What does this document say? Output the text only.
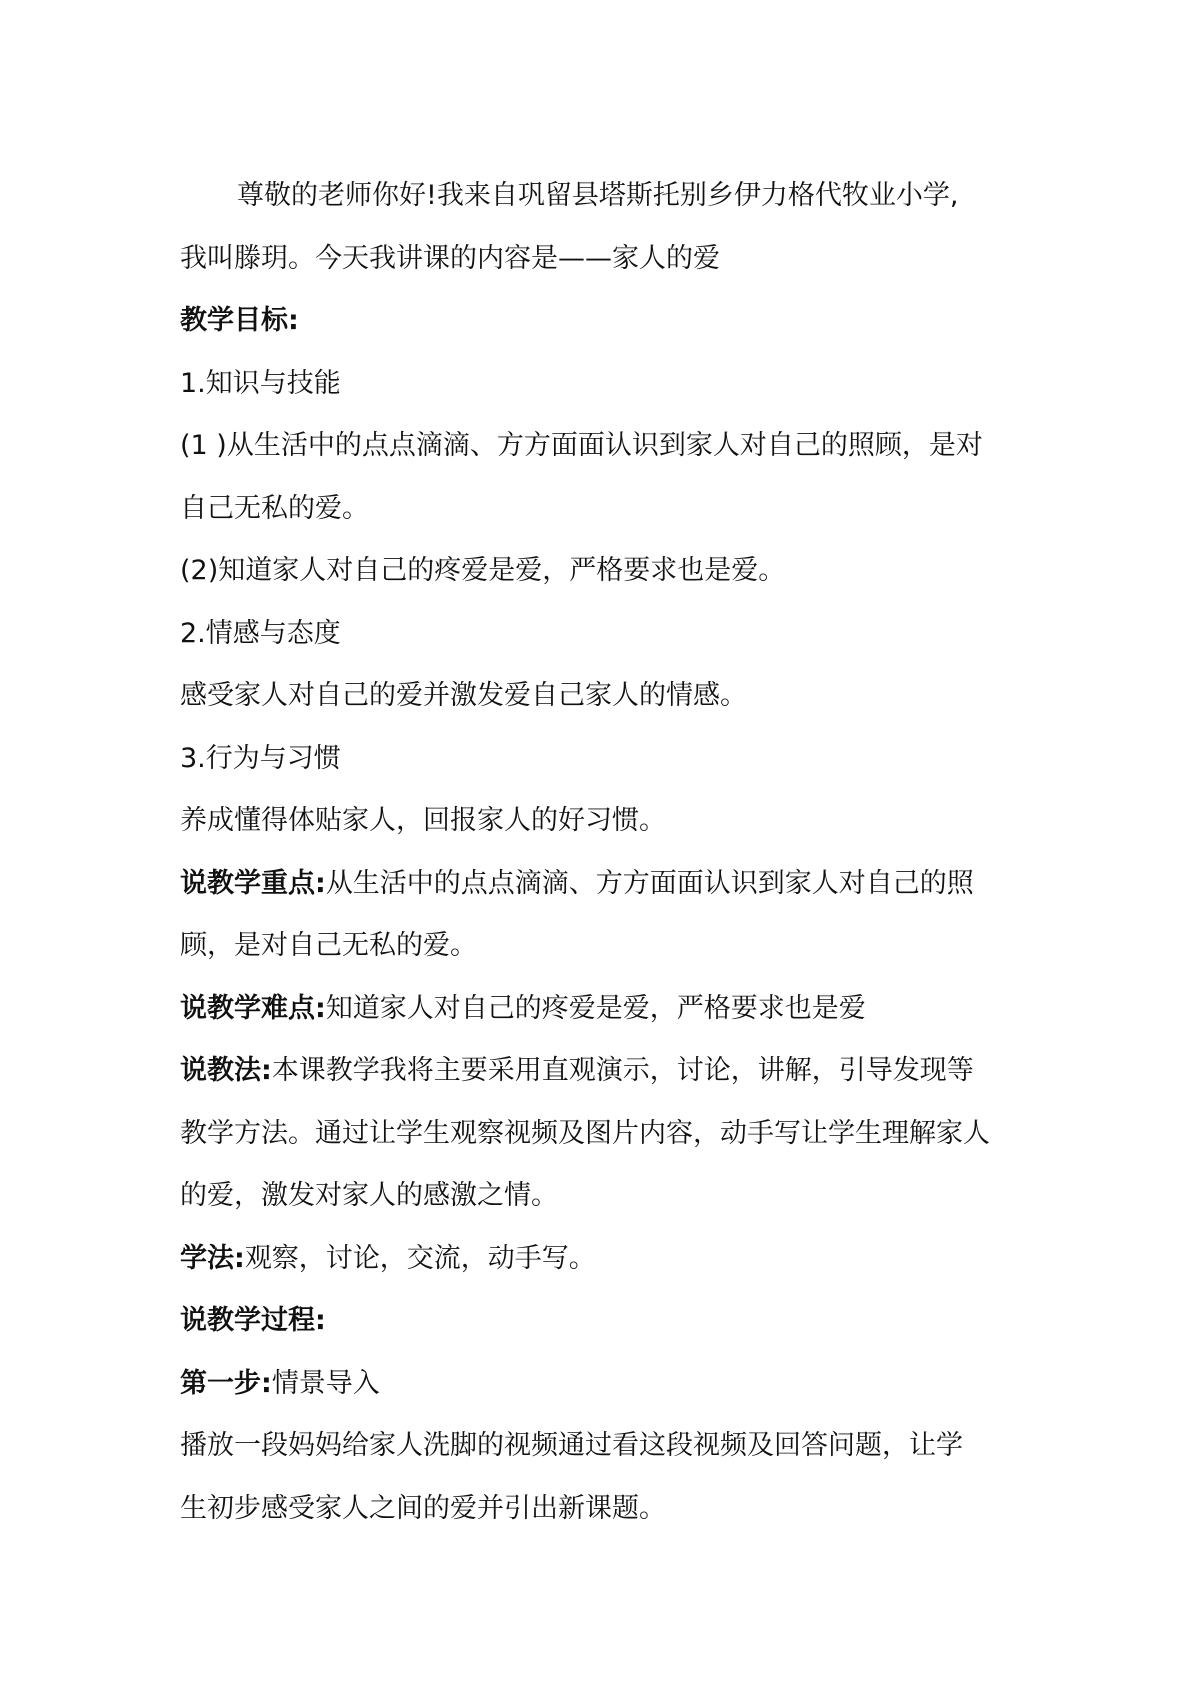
尊敬的老师你好!我来自巩留县塔斯托别乡伊力格代牧业小学,
我叫滕玥。今天我讲课的内容是——家人的爱
教学目标:
1.知识与技能
(1 )从生活中的点点滴滴、方方面面认识到家人对自己的照顾，是对
自己无私的爱。
(2)知道家人对自己的疼爱是爱，严格要求也是爱。
2.情感与态度
感受家人对自己的爱并激发爱自己家人的情感。
3.行为与习惯
养成懂得体贴家人，回报家人的好习惯。
说教学重点:从生活中的点点滴滴、方方面面认识到家人对自己的照
顾，是对自己无私的爱。
说教学难点:知道家人对自己的疼爱是爱，严格要求也是爱
说教法:本课教学我将主要采用直观演示，讨论，讲解，引导发现等
教学方法。通过让学生观察视频及图片内容，动手写让学生理解家人
的爱，激发对家人的感激之情。
学法:观察，讨论，交流，动手写。
说教学过程:
第一步:情景导入
播放一段妈妈给家人洗脚的视频通过看这段视频及回答问题，让学
生初步感受家人之间的爱并引出新课题。
